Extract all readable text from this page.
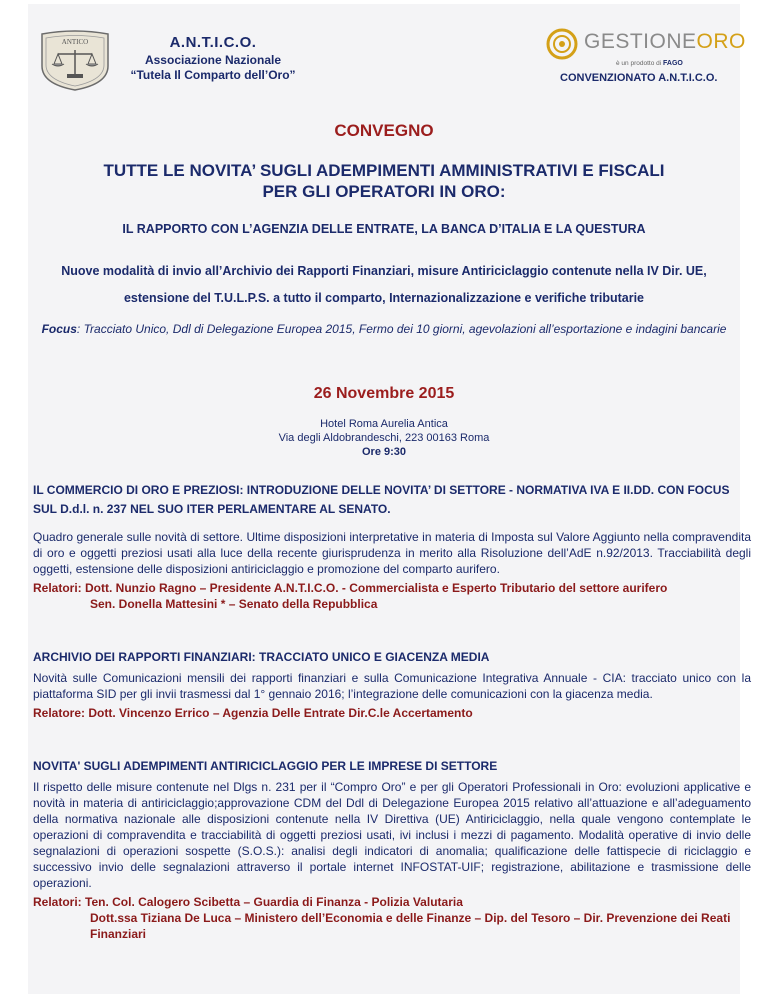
ANTICO	A.N.T.I.C.O.
Associazione Nazionale
“Tutela Il Comparto dell’Oro”
GESTIONEORO
è un prodotto di FAGO
CONVENZIONATO A.N.T.I.C.O.
CONVEGNO
TUTTE LE NOVITA’ SUGLI ADEMPIMENTI AMMINISTRATIVI E FISCALI
PER GLI OPERATORI IN ORO:
IL RAPPORTO CON L’AGENZIA DELLE ENTRATE, LA BANCA D’ITALIA E LA QUESTURA
Nuove modalità di invio all’Archivio dei Rapporti Finanziari, misure Antiriciclaggio contenute nella IV Dir. UE,
estensione del T.U.L.P.S. a tutto il comparto, Internazionalizzazione e verifiche tributarie
Focus: Tracciato Unico, Ddl di Delegazione Europea 2015, Fermo dei 10 giorni, agevolazioni all’esportazione e indagini bancarie
26 Novembre 2015
Hotel Roma Aurelia Antica
Via degli Aldobrandeschi, 223 00163 Roma
Ore 9:30
IL COMMERCIO DI ORO E PREZIOSI: INTRODUZIONE DELLE NOVITA’ DI SETTORE - NORMATIVA IVA E II.DD. CON FOCUS SUL D.d.l. n. 237 NEL SUO ITER PERLAMENTARE AL SENATO.
Quadro generale sulle novità di settore. Ultime disposizioni interpretative in materia di Imposta sul Valore Aggiunto nella compravendita di oro e oggetti preziosi usati alla luce della recente giurisprudenza in merito alla Risoluzione dell’AdE n.92/2013. Tracciabilità degli oggetti, estensione delle disposizioni antiriciclaggio e promozione del comparto aurifero.
Relatori: Dott. Nunzio Ragno – Presidente A.N.T.I.C.O. - Commercialista e Esperto Tributario del settore aurifero
Sen. Donella Mattesini * – Senato della Repubblica
ARCHIVIO DEI RAPPORTI FINANZIARI: TRACCIATO UNICO E GIACENZA MEDIA
Novità sulle Comunicazioni mensili dei rapporti finanziari e sulla Comunicazione Integrativa Annuale - CIA: tracciato unico con la piattaforma SID per gli invii trasmessi dal 1° gennaio 2016; l’integrazione delle comunicazioni con la giacenza media.
Relatore: Dott. Vincenzo Errico – Agenzia Delle Entrate Dir.C.le Accertamento
NOVITA' SUGLI ADEMPIMENTI ANTIRICICLAGGIO PER LE IMPRESE DI SETTORE
Il rispetto delle misure contenute nel Dlgs n. 231 per il “Compro Oro” e per gli Operatori Professionali in Oro: evoluzioni applicative e novità in materia di antiriciclaggio;approvazione CDM del Ddl di Delegazione Europea 2015 relativo all’attuazione e all’adeguamento della normativa nazionale alle disposizioni contenute nella IV Direttiva (UE) Antiriciclaggio, nella quale vengono contemplate le operazioni di compravendita e tracciabilità di oggetti preziosi usati, ivi inclusi i mezzi di pagamento. Modalità operative di invio delle segnalazioni di operazioni sospette (S.O.S.): analisi degli indicatori di anomalia; qualificazione delle fattispecie di riciclaggio e successivo invio delle segnalazioni attraverso il portale internet INFOSTAT-UIF; registrazione, abilitazione e trasmissione delle operazioni.
Relatori: Ten. Col. Calogero Scibetta – Guardia di Finanza - Polizia Valutaria
Dott.ssa Tiziana De Luca – Ministero dell’Economia e delle Finanze – Dip. del Tesoro – Dir. Prevenzione dei Reati Finanziari
